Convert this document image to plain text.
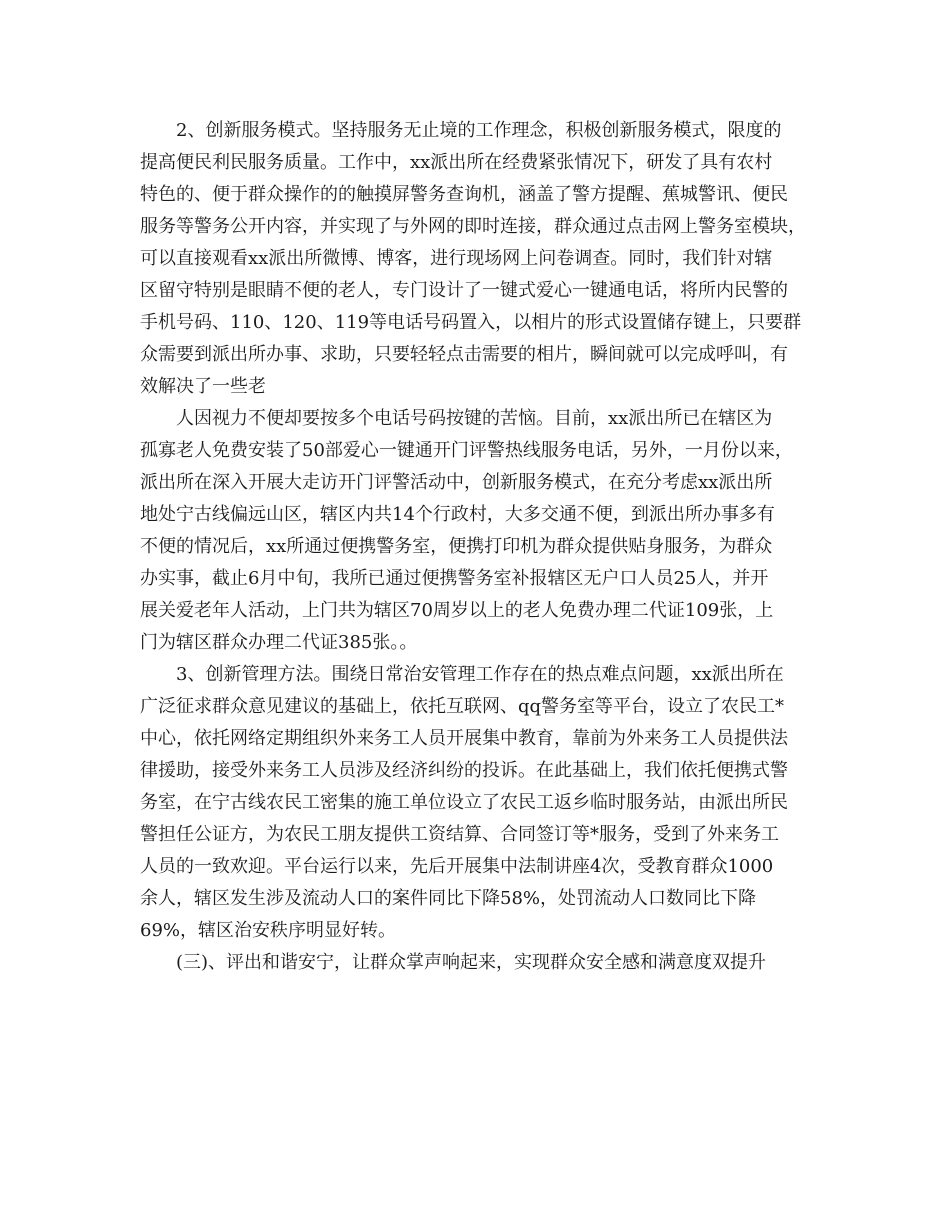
2、创新服务模式。坚持服务无止境的工作理念，积极创新服务模式，限度的
提高便民利民服务质量。工作中，xx派出所在经费紧张情况下，研发了具有农村
特色的、便于群众操作的的触摸屏警务查询机，涵盖了警方提醒、蕉城警讯、便民
服务等警务公开内容，并实现了与外网的即时连接，群众通过点击网上警务室模块，
可以直接观看xx派出所微博、博客，进行现场网上问卷调查。同时，我们针对辖
区留守特别是眼睛不便的老人，专门设计了一键式爱心一键通电话，将所内民警的
手机号码、110、120、119等电话号码置入，以相片的形式设置储存键上，只要群
众需要到派出所办事、求助，只要轻轻点击需要的相片，瞬间就可以完成呼叫，有
效解决了一些老
人因视力不便却要按多个电话号码按键的苦恼。目前，xx派出所已在辖区为
孤寡老人免费安装了50部爱心一键通开门评警热线服务电话，另外，一月份以来，
派出所在深入开展大走访开门评警活动中，创新服务模式，在充分考虑xx派出所
地处宁古线偏远山区，辖区内共14个行政村，大多交通不便，到派出所办事多有
不便的情况后，xx所通过便携警务室，便携打印机为群众提供贴身服务，为群众
办实事，截止6月中旬，我所已通过便携警务室补报辖区无户口人员25人，并开
展关爱老年人活动，上门共为辖区70周岁以上的老人免费办理二代证109张，上
门为辖区群众办理二代证385张。。
3、创新管理方法。围绕日常治安管理工作存在的热点难点问题，xx派出所在
广泛征求群众意见建议的基础上，依托互联网、qq警务室等平台，设立了农民工*
中心，依托网络定期组织外来务工人员开展集中教育，靠前为外来务工人员提供法
律援助，接受外来务工人员涉及经济纠纷的投诉。在此基础上，我们依托便携式警
务室，在宁古线农民工密集的施工单位设立了农民工返乡临时服务站，由派出所民
警担任公证方，为农民工朋友提供工资结算、合同签订等*服务，受到了外来务工
人员的一致欢迎。平台运行以来，先后开展集中法制讲座4次，受教育群众1000
余人，辖区发生涉及流动人口的案件同比下降58%，处罚流动人口数同比下降
69%，辖区治安秩序明显好转。
(三)、评出和谐安宁，让群众掌声响起来，实现群众安全感和满意度双提升
